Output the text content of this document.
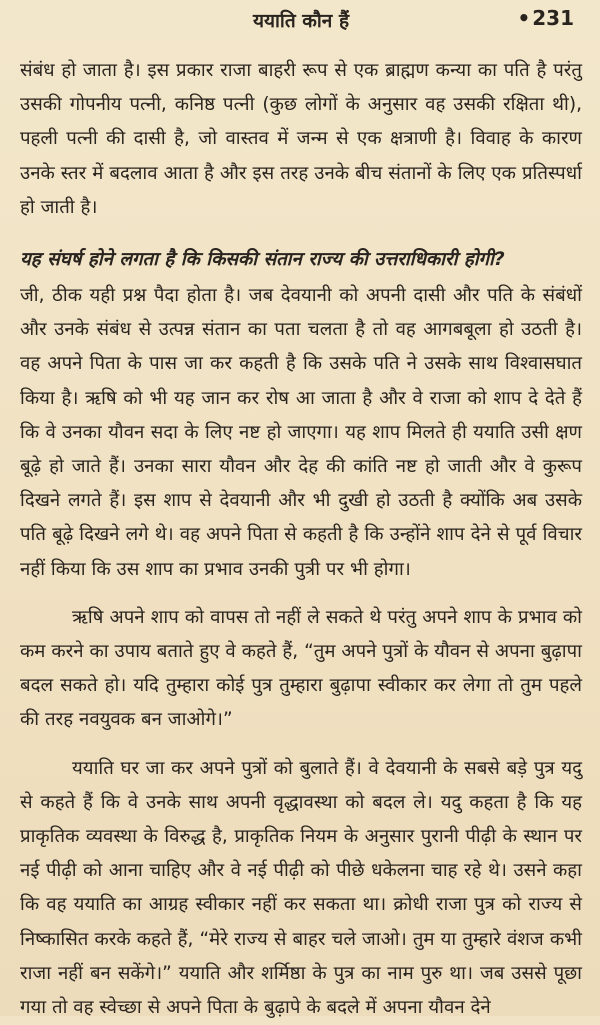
ययाति कौन हैं	• 231

संबंध हो जाता है। इस प्रकार राजा बाहरी रूप से एक ब्राह्मण कन्या का पति है परंतु उसकी गोपनीय पत्नी, कनिष्ठ पत्नी (कुछ लोगों के अनुसार वह उसकी रक्षिता थी), पहली पत्नी की दासी है, जो वास्तव में जन्म से एक क्षत्राणी है। विवाह के कारण उनके स्तर में बदलाव आता है और इस तरह उनके बीच संतानों के लिए एक प्रतिस्पर्धा हो जाती है।

यह संघर्ष होने लगता है कि किसकी संतान राज्य की उत्तराधिकारी होगी?

जी, ठीक यही प्रश्न पैदा होता है। जब देवयानी को अपनी दासी और पति के संबंधों और उनके संबंध से उत्पन्न संतान का पता चलता है तो वह आगबबूला हो उठती है। वह अपने पिता के पास जा कर कहती है कि उसके पति ने उसके साथ विश्वासघात किया है। ऋषि को भी यह जान कर रोष आ जाता है और वे राजा को शाप दे देते हैं कि वे उनका यौवन सदा के लिए नष्ट हो जाएगा। यह शाप मिलते ही ययाति उसी क्षण बूढ़े हो जाते हैं। उनका सारा यौवन और देह की कांति नष्ट हो जाती और वे कुरूप दिखने लगते हैं। इस शाप से देवयानी और भी दुखी हो उठती है क्योंकि अब उसके पति बूढ़े दिखने लगे थे। वह अपने पिता से कहती है कि उन्होंने शाप देने से पूर्व विचार नहीं किया कि उस शाप का प्रभाव उनकी पुत्री पर भी होगा।

ऋषि अपने शाप को वापस तो नहीं ले सकते थे परंतु अपने शाप के प्रभाव को कम करने का उपाय बताते हुए वे कहते हैं, “तुम अपने पुत्रों के यौवन से अपना बुढ़ापा बदल सकते हो। यदि तुम्हारा कोई पुत्र तुम्हारा बुढ़ापा स्वीकार कर लेगा तो तुम पहले की तरह नवयुवक बन जाओगे।”

ययाति घर जा कर अपने पुत्रों को बुलाते हैं। वे देवयानी के सबसे बड़े पुत्र यदु से कहते हैं कि वे उनके साथ अपनी वृद्धावस्था को बदल ले। यदु कहता है कि यह प्राकृतिक व्यवस्था के विरुद्ध है, प्राकृतिक नियम के अनुसार पुरानी पीढ़ी के स्थान पर नई पीढ़ी को आना चाहिए और वे नई पीढ़ी को पीछे धकेलना चाह रहे थे। उसने कहा कि वह ययाति का आग्रह स्वीकार नहीं कर सकता था। क्रोधी राजा पुत्र को राज्य से निष्कासित करके कहते हैं, “मेरे राज्य से बाहर चले जाओ। तुम या तुम्हारे वंशज कभी राजा नहीं बन सकेंगे।” ययाति और शर्मिष्ठा के पुत्र का नाम पुरु था। जब उससे पूछा गया तो वह स्वेच्छा से अपने पिता के बुढ़ापे के बदले में अपना यौवन देने
